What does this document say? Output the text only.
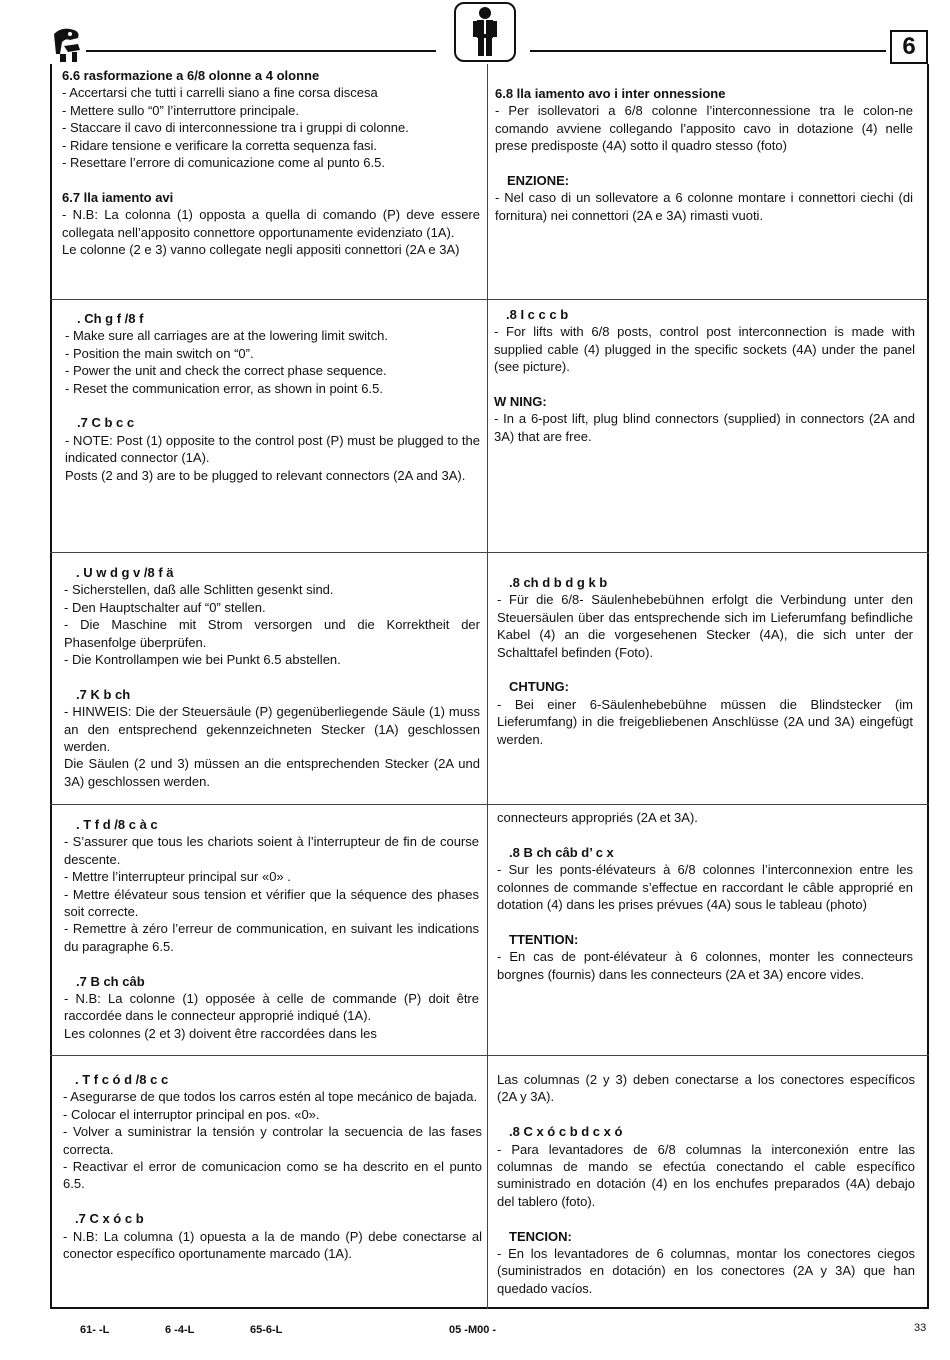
6

6.6 rasformazione a 6/8 olonne a 4 olonne

- Accertarsi che tutti i carrelli siano a fine corsa discesa

- Mettere sullo “0” l’interruttore principale.

- Staccare il cavo di interconnessione tra i gruppi di colonne.

- Ridare tensione e verificare la corretta sequenza fasi.

- Resettare l’errore di comunicazione come al punto 6.5.

6.7 lla iamento avi

- N.B: La colonna (1) opposta a quella di comando (P) deve essere collegata nell’apposito connettore opportunamente evidenziato (1A).

Le colonne (2 e 3) vanno collegate negli appositi connettori (2A e 3A)

6.8 lla iamento avo i inter onnessione

- Per isollevatori a 6/8 colonne l’interconnessione tra le colon-ne comando avviene collegando l’apposito cavo in dotazione (4) nelle prese predisposte (4A) sotto il quadro stesso (foto)

ENZIONE:

- Nel caso di un sollevatore a 6 colonne montare i connettori ciechi (di fornitura) nei connettori (2A e 3A) rimasti vuoti.

. Ch g f /8 f

- Make sure all carriages are at the lowering limit switch.

- Position the main switch on “0”.

- Power the unit and check the correct phase sequence.

- Reset the communication error, as shown in point 6.5.

.7 C b c c

- NOTE: Post (1) opposite to the control post (P) must be plugged to the indicated connector (1A).

Posts (2 and 3) are to be plugged to relevant connectors (2A and 3A).

.8 I c c c b

- For lifts with 6/8 posts, control post interconnection is made with supplied cable (4) plugged in the specific sockets (4A) under the panel (see picture).

W NING:

- In a 6-post lift, plug blind connectors (supplied) in connectors (2A and 3A) that are free.

. U w d g v /8 f ä

- Sicherstellen, daß alle Schlitten gesenkt sind.

- Den Hauptschalter auf “0” stellen.

- Die Maschine mit Strom versorgen und die Korrektheit der Phasenfolge überprüfen.

- Die Kontrollampen wie bei Punkt 6.5 abstellen.

.7 K b ch

- HINWEIS: Die der Steuersäule (P) gegenüberliegende Säule (1) muss an den entsprechend gekennzeichneten Stecker (1A) geschlossen werden.

Die Säulen (2 und 3) müssen an die entsprechenden Stecker (2A und 3A) geschlossen werden.

.8 ch d b d g k b

- Für die 6/8- Säulenhebebühnen erfolgt die Verbindung unter den Steuersäulen über das entsprechende sich im Lieferumfang befindliche Kabel (4) an die vorgesehenen Stecker (4A), die sich unter der Schalttafel befinden (Foto).

CHTUNG:

- Bei einer 6-Säulenhebebühne müssen die Blindstecker (im Lieferumfang) in die freigebliebenen Anschlüsse (2A und 3A) eingefügt werden.

. T f d /8 c à c

- S’assurer que tous les chariots soient à l’interrupteur de fin de course descente.

- Mettre l’interrupteur principal sur «0» .

- Mettre élévateur sous tension et vérifier que la séquence des phases soit correcte.

- Remettre à zéro l’erreur de communication, en suivant les indications du paragraphe 6.5.

.7 B ch câb

- N.B: La colonne (1) opposée à celle de commande (P) doit être raccordée dans le connecteur approprié indiqué (1A).

Les colonnes (2 et 3) doivent être raccordées dans les

connecteurs appropriés (2A et 3A).

.8 B ch câb d’ c x

- Sur les ponts-élévateurs à 6/8 colonnes l’interconnexion entre les colonnes de commande s’effectue en raccordant le câble approprié en dotation (4) dans les prises prévues (4A) sous le tableau (photo)

TTENTION:

- En cas de pont-élévateur à 6 colonnes, monter les connecteurs borgnes (fournis) dans les connecteurs (2A et 3A) encore vides.

. T f c ó d /8 c c

- Asegurarse de que todos los carros estén al tope mecánico de bajada.

- Colocar el interruptor principal en pos. «0».

- Volver a suministrar la tensión y controlar la secuencia de las fases correcta.

- Reactivar el error de comunicacion como se ha descrito en el punto 6.5.

.7 C x ó c b

- N.B: La columna (1) opuesta a la de mando (P) debe conectarse al conector específico oportunamente marcado (1A).

Las columnas (2 y 3) deben conectarse a los conectores específicos (2A y 3A).

.8 C x ó c b d c x ó

- Para levantadores de 6/8 columnas la interconexión entre las columnas de mando se efectúa conectando el cable específico suministrado en dotación (4) en los enchufes preparados (4A) debajo del tablero (foto).

TENCION:

- En los levantadores de 6 columnas, montar los conectores ciegos (suministrados en dotación) en los conectores (2A y 3A) que han quedado vacíos.

61- -L	6 -4-L	65-6-L	05 -M00 -	33
